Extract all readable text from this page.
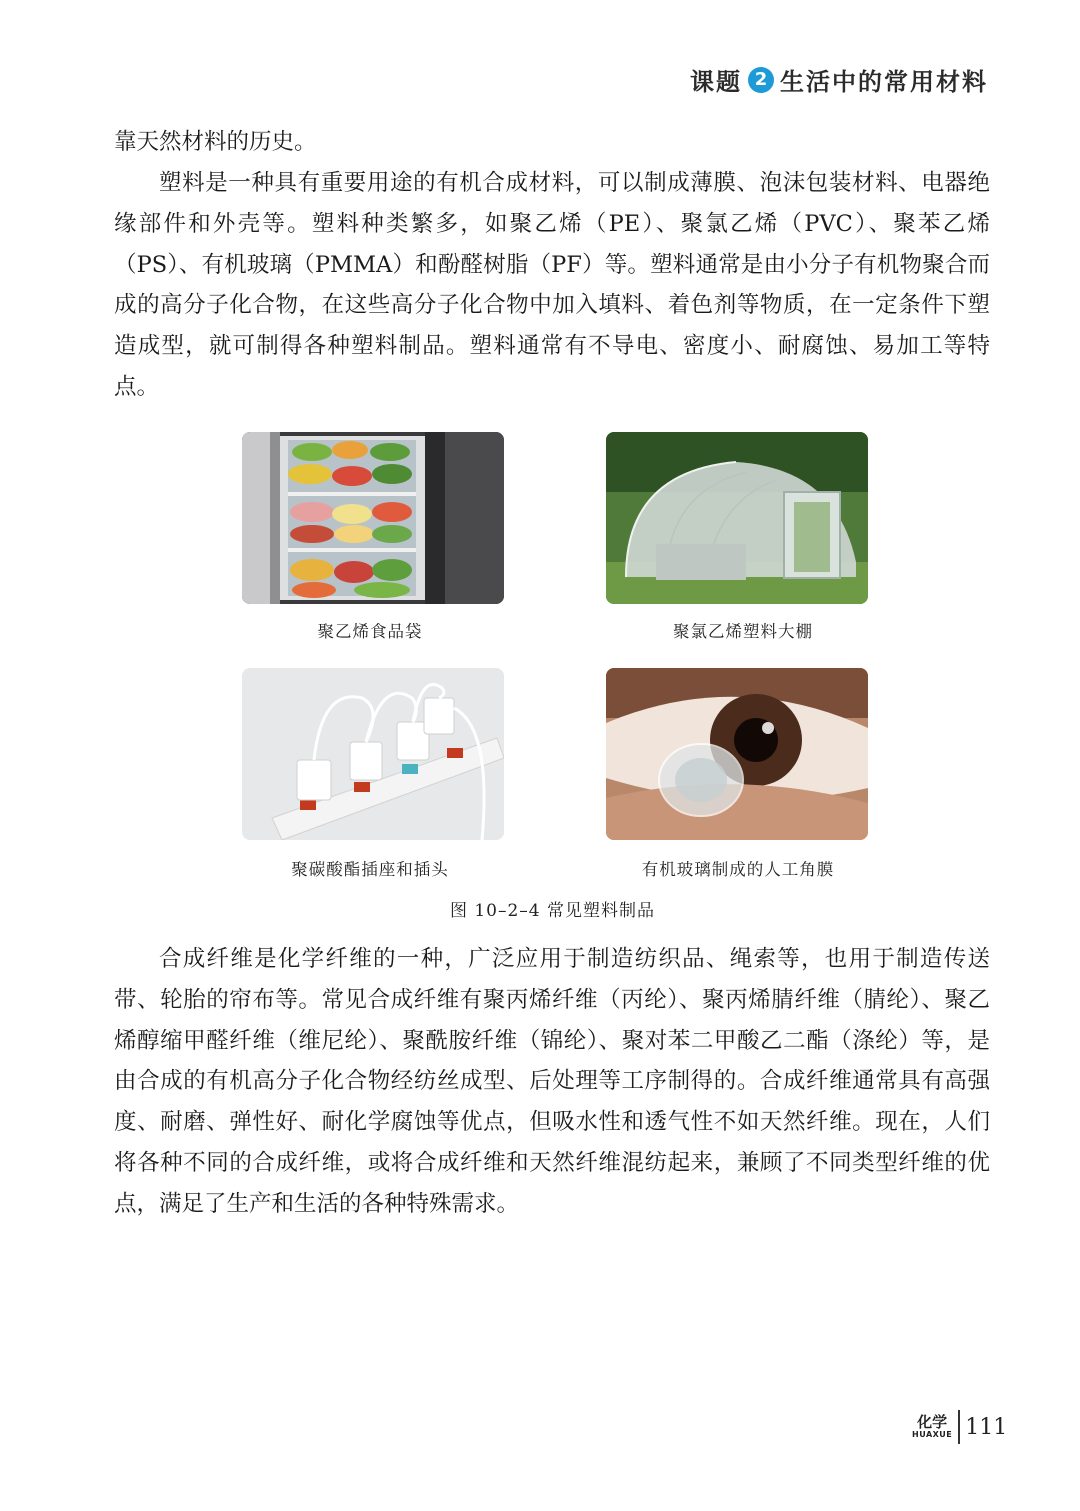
课题 2 生活中的常用材料

靠天然材料的历史。

塑料是一种具有重要用途的有机合成材料，可以制成薄膜、泡沫包装材料、电器绝缘部件和外壳等。塑料种类繁多，如聚乙烯（PE）、聚氯乙烯（PVC）、聚苯乙烯（PS）、有机玻璃（PMMA）和酚醛树脂（PF）等。塑料通常是由小分子有机物聚合而成的高分子化合物，在这些高分子化合物中加入填料、着色剂等物质，在一定条件下塑造成型，就可制得各种塑料制品。塑料通常有不导电、密度小、耐腐蚀、易加工等特点。

聚乙烯食品袋	聚氯乙烯塑料大棚
聚碳酸酯插座和插头	有机玻璃制成的人工角膜
图 10–2–4 常见塑料制品

合成纤维是化学纤维的一种，广泛应用于制造纺织品、绳索等，也用于制造传送带、轮胎的帘布等。常见合成纤维有聚丙烯纤维（丙纶）、聚丙烯腈纤维（腈纶）、聚乙烯醇缩甲醛纤维（维尼纶）、聚酰胺纤维（锦纶）、聚对苯二甲酸乙二酯（涤纶）等，是由合成的有机高分子化合物经纺丝成型、后处理等工序制得的。合成纤维通常具有高强度、耐磨、弹性好、耐化学腐蚀等优点，但吸水性和透气性不如天然纤维。现在，人们将各种不同的合成纤维，或将合成纤维和天然纤维混纺起来，兼顾了不同类型纤维的优点，满足了生产和生活的各种特殊需求。

化学
HUAXUE 111
